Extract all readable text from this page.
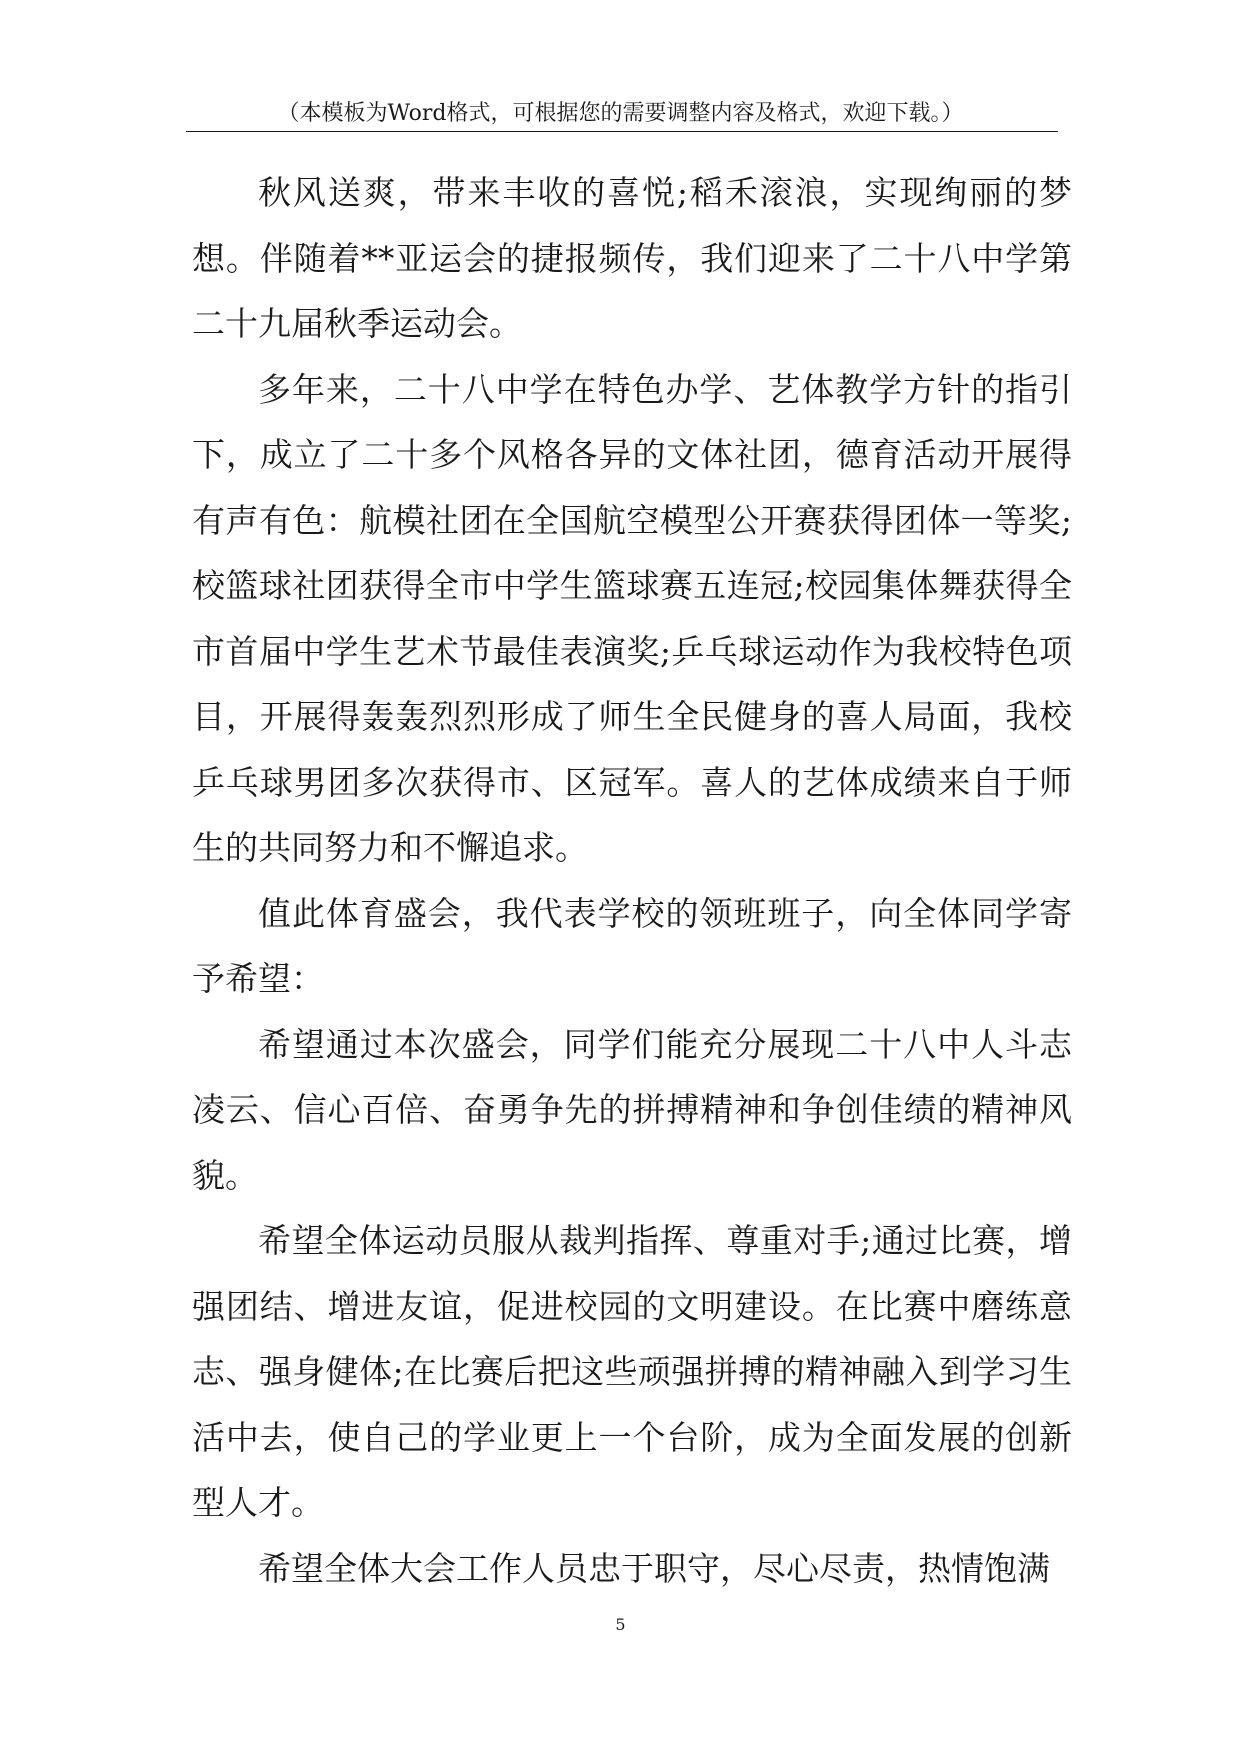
（本模板为Word格式，可根据您的需要调整内容及格式，欢迎下载。）

秋风送爽，带来丰收的喜悦;稻禾滚浪，实现绚丽的梦想。伴随着**亚运会的捷报频传，我们迎来了二十八中学第二十九届秋季运动会。

多年来，二十八中学在特色办学、艺体教学方针的指引下，成立了二十多个风格各异的文体社团，德育活动开展得有声有色：航模社团在全国航空模型公开赛获得团体一等奖;校篮球社团获得全市中学生篮球赛五连冠;校园集体舞获得全市首届中学生艺术节最佳表演奖;乒乓球运动作为我校特色项目，开展得轰轰烈烈形成了师生全民健身的喜人局面，我校乒乓球男团多次获得市、区冠军。喜人的艺体成绩来自于师生的共同努力和不懈追求。

值此体育盛会，我代表学校的领班班子，向全体同学寄予希望：

希望通过本次盛会，同学们能充分展现二十八中人斗志凌云、信心百倍、奋勇争先的拼搏精神和争创佳绩的精神风貌。

希望全体运动员服从裁判指挥、尊重对手;通过比赛，增强团结、增进友谊，促进校园的文明建设。在比赛中磨练意志、强身健体;在比赛后把这些顽强拼搏的精神融入到学习生活中去，使自己的学业更上一个台阶，成为全面发展的创新型人才。

希望全体大会工作人员忠于职守，尽心尽责，热情饱满

5
